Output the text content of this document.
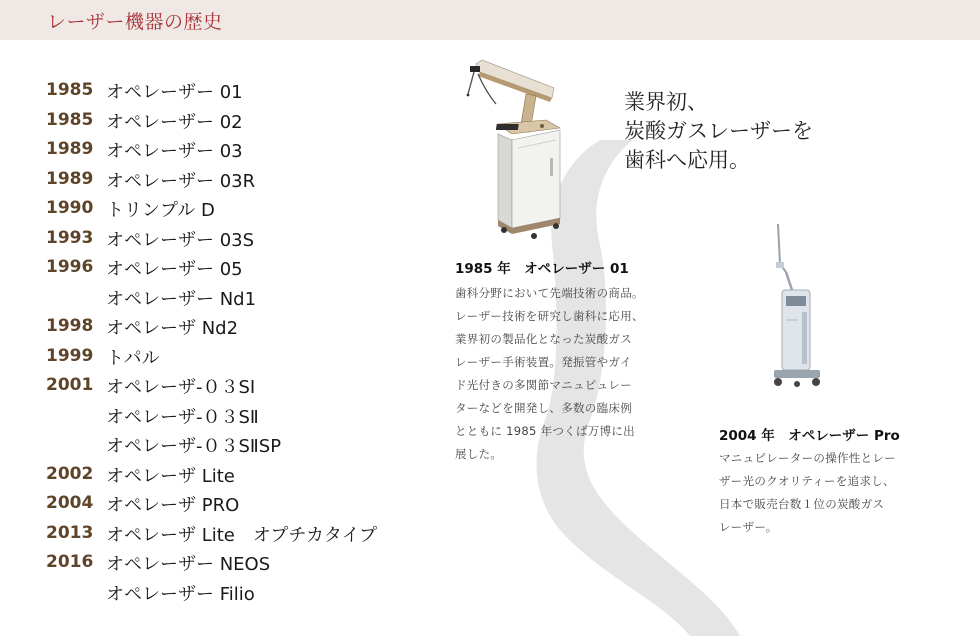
レーザー機器の歴史
1985 オペレーザー 01
1985 オペレーザー 02
1989 オペレーザー 03
1989 オペレーザー 03R
1990 トリンプル D
1993 オペレーザー 03S
1996 オペレーザー 05
オペレーザー Nd1
1998 オペレーザ Nd2
1999 トパル
2001 オペレーザ-０３SⅠ
オペレーザ-０３SⅡ
オペレーザ-０３SⅡSP
2002 オペレーザ Lite
2004 オペレーザ PRO
2013 オペレーザ Lite　オプチカタイプ
2016 オペレーザー NEOS
オペレーザー Filio
業界初、
炭酸ガスレーザーを
歯科へ応用。
1985 年　オペレーザー 01
歯科分野において先端技術の商品。
レーザー技術を研究し歯科に応用、
業界初の製品化となった炭酸ガス
レーザー手術装置。発振管やガイ
ド光付きの多関節マニュピュレー
ターなどを開発し、多数の臨床例
とともに 1985 年つくば万博に出
展した。
2004 年　オペレーザー Pro
マニュピレーターの操作性とレー
ザー光のクオリティーを追求し、
日本で販売台数１位の炭酸ガス
レーザー。
